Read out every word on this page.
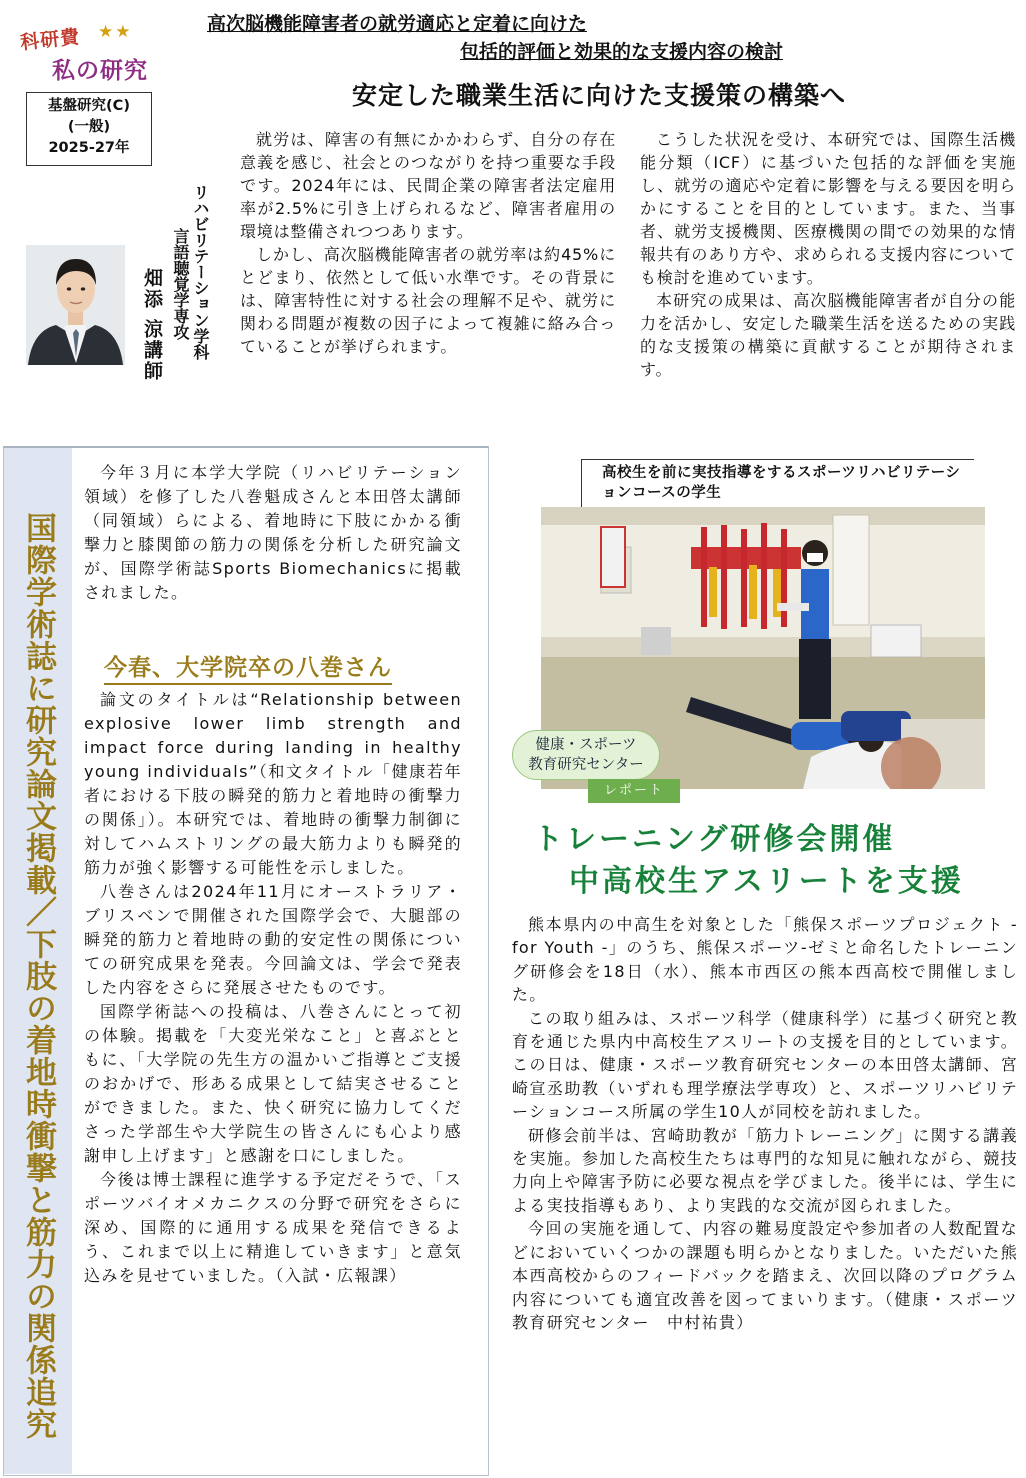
科研費 ★★
私の研究
基盤研究(C)
(一般)
2025-27年
高次脳機能障害者の就労適応と定着に向けた
包括的評価と効果的な支援内容の検討
安定した職業生活に向けた支援策の構築へ
リハビリテーション学科
言語聴覚学専攻
畑添 涼講師

就労は、障害の有無にかかわらず、自分の存在意義を感じ、社会とのつながりを持つ重要な手段です。2024年には、民間企業の障害者法定雇用率が2.5%に引き上げられるなど、障害者雇用の環境は整備されつつあります。

しかし、高次脳機能障害者の就労率は約45%にとどまり、依然として低い水準です。その背景には、障害特性に対する社会の理解不足や、就労に関わる問題が複数の因子によって複雑に絡み合っていることが挙げられます。

こうした状況を受け、本研究では、国際生活機能分類（ICF）に基づいた包括的な評価を実施し、就労の適応や定着に影響を与える要因を明らかにすることを目的としています。また、当事者、就労支援機関、医療機関の間での効果的な情報共有のあり方や、求められる支援内容についても検討を進めています。

本研究の成果は、高次脳機能障害者が自分の能力を活かし、安定した職業生活を送るための実践的な支援策の構築に貢献することが期待されます。

国際学術誌に研究論文掲載／下肢の着地時衝撃と筋力の関係追究

今年３月に本学大学院（リハビリテーション領域）を修了した八巻魁成さんと本田啓太講師（同領域）らによる、着地時に下肢にかかる衝撃力と膝関節の筋力の関係を分析した研究論文が、国際学術誌Sports Biomechanicsに掲載されました。

今春、大学院卒の八巻さん

論文のタイトルは“Relationship between explosive lower limb strength and impact force during landing in healthy young individuals”（和文タイトル「健康若年者における下肢の瞬発的筋力と着地時の衝撃力の関係」）。本研究では、着地時の衝撃力制御に対してハムストリングの最大筋力よりも瞬発的筋力が強く影響する可能性を示しました。

八巻さんは2024年11月にオーストラリア・ブリスベンで開催された国際学会で、大腿部の瞬発的筋力と着地時の動的安定性の関係についての研究成果を発表。今回論文は、学会で発表した内容をさらに発展させたものです。

国際学術誌への投稿は、八巻さんにとって初の体験。掲載を「大変光栄なこと」と喜ぶとともに、「大学院の先生方の温かいご指導とご支援のおかげで、形ある成果として結実させることができました。また、快く研究に協力してくださった学部生や大学院生の皆さんにも心より感謝申し上げます」と感謝を口にしました。

今後は博士課程に進学する予定だそうで、「スポーツバイオメカニクスの分野で研究をさらに深め、国際的に通用する成果を発信できるよう、これまで以上に精進していきます」と意気込みを見せていました。（入試・広報課）

高校生を前に実技指導をするスポーツリハビリテーションコースの学生
健康・スポーツ
教育研究センター
レポート
トレーニング研修会開催
中高校生アスリートを支援

熊本県内の中高生を対象とした「熊保スポーツプロジェクト - for Youth -」のうち、熊保スポーツ-ゼミと命名したトレーニング研修会を18日（水）、熊本市西区の熊本西高校で開催しました。

この取り組みは、スポーツ科学（健康科学）に基づく研究と教育を通じた県内中高校生アスリートの支援を目的としています。この日は、健康・スポーツ教育研究センターの本田啓太講師、宮崎宣丞助教（いずれも理学療法学専攻）と、スポーツリハビリテーションコース所属の学生10人が同校を訪れました。

研修会前半は、宮崎助教が「筋力トレーニング」に関する講義を実施。参加した高校生たちは専門的な知見に触れながら、競技力向上や障害予防に必要な視点を学びました。後半には、学生による実技指導もあり、より実践的な交流が図られました。

今回の実施を通して、内容の難易度設定や参加者の人数配置などにおいていくつかの課題も明らかとなりました。いただいた熊本西高校からのフィードバックを踏まえ、次回以降のプログラム内容についても適宜改善を図ってまいります。（健康・スポーツ教育研究センター　中村祐貴）
